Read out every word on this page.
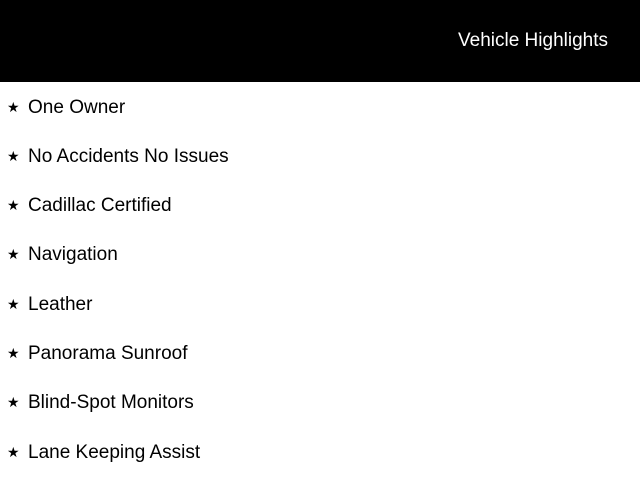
Vehicle Highlights
★ One Owner
★ No Accidents No Issues
★ Cadillac Certified
★ Navigation
★ Leather
★ Panorama Sunroof
★ Blind-Spot Monitors
★ Lane Keeping Assist
